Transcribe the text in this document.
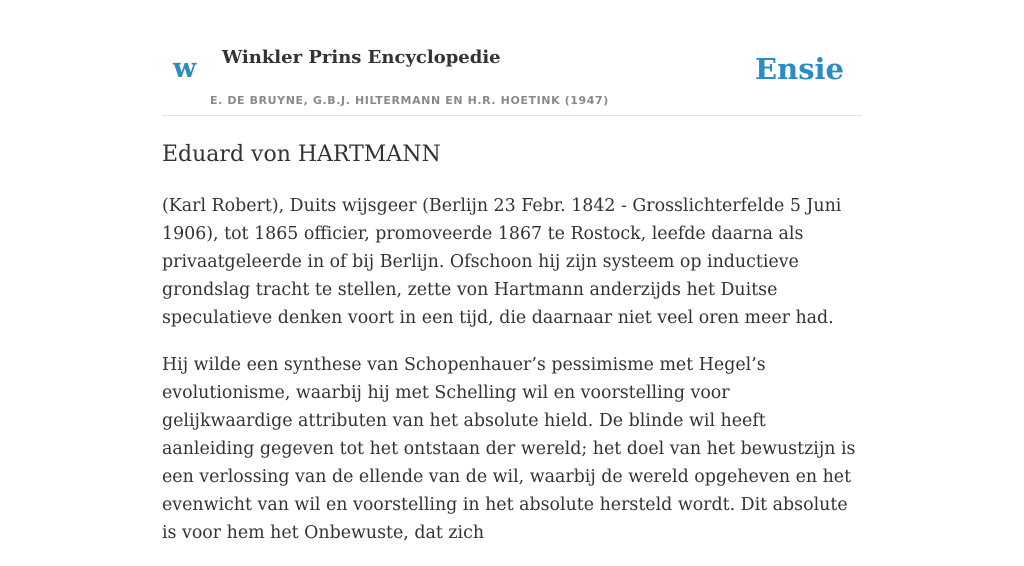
w Winkler Prins Encyclopedie
E. DE BRUYNE, G.B.J. HILTERMANN EN H.R. HOETINK (1947)
Ensie
Eduard von HARTMANN

(Karl Robert), Duits wijsgeer (Berlijn 23 Febr. 1842 - Grosslichterfelde 5 Juni 1906), tot 1865 officier, promoveerde 1867 te Rostock, leefde daarna als privaatgeleerde in of bij Berlijn. Ofschoon hij zijn systeem op inductieve grondslag tracht te stellen, zette von Hartmann anderzijds het Duitse speculatieve denken voort in een tijd, die daarnaar niet veel oren meer had.

Hij wilde een synthese van Schopenhauer’s pessimisme met Hegel’s evolutionisme, waarbij hij met Schelling wil en voorstelling voor gelijkwaardige attributen van het absolute hield. De blinde wil heeft aanleiding gegeven tot het ontstaan der wereld; het doel van het bewustzijn is een verlossing van de ellende van de wil, waarbij de wereld opgeheven en het evenwicht van wil en voorstelling in het absolute hersteld wordt. Dit absolute is voor hem het Onbewuste, dat zich
